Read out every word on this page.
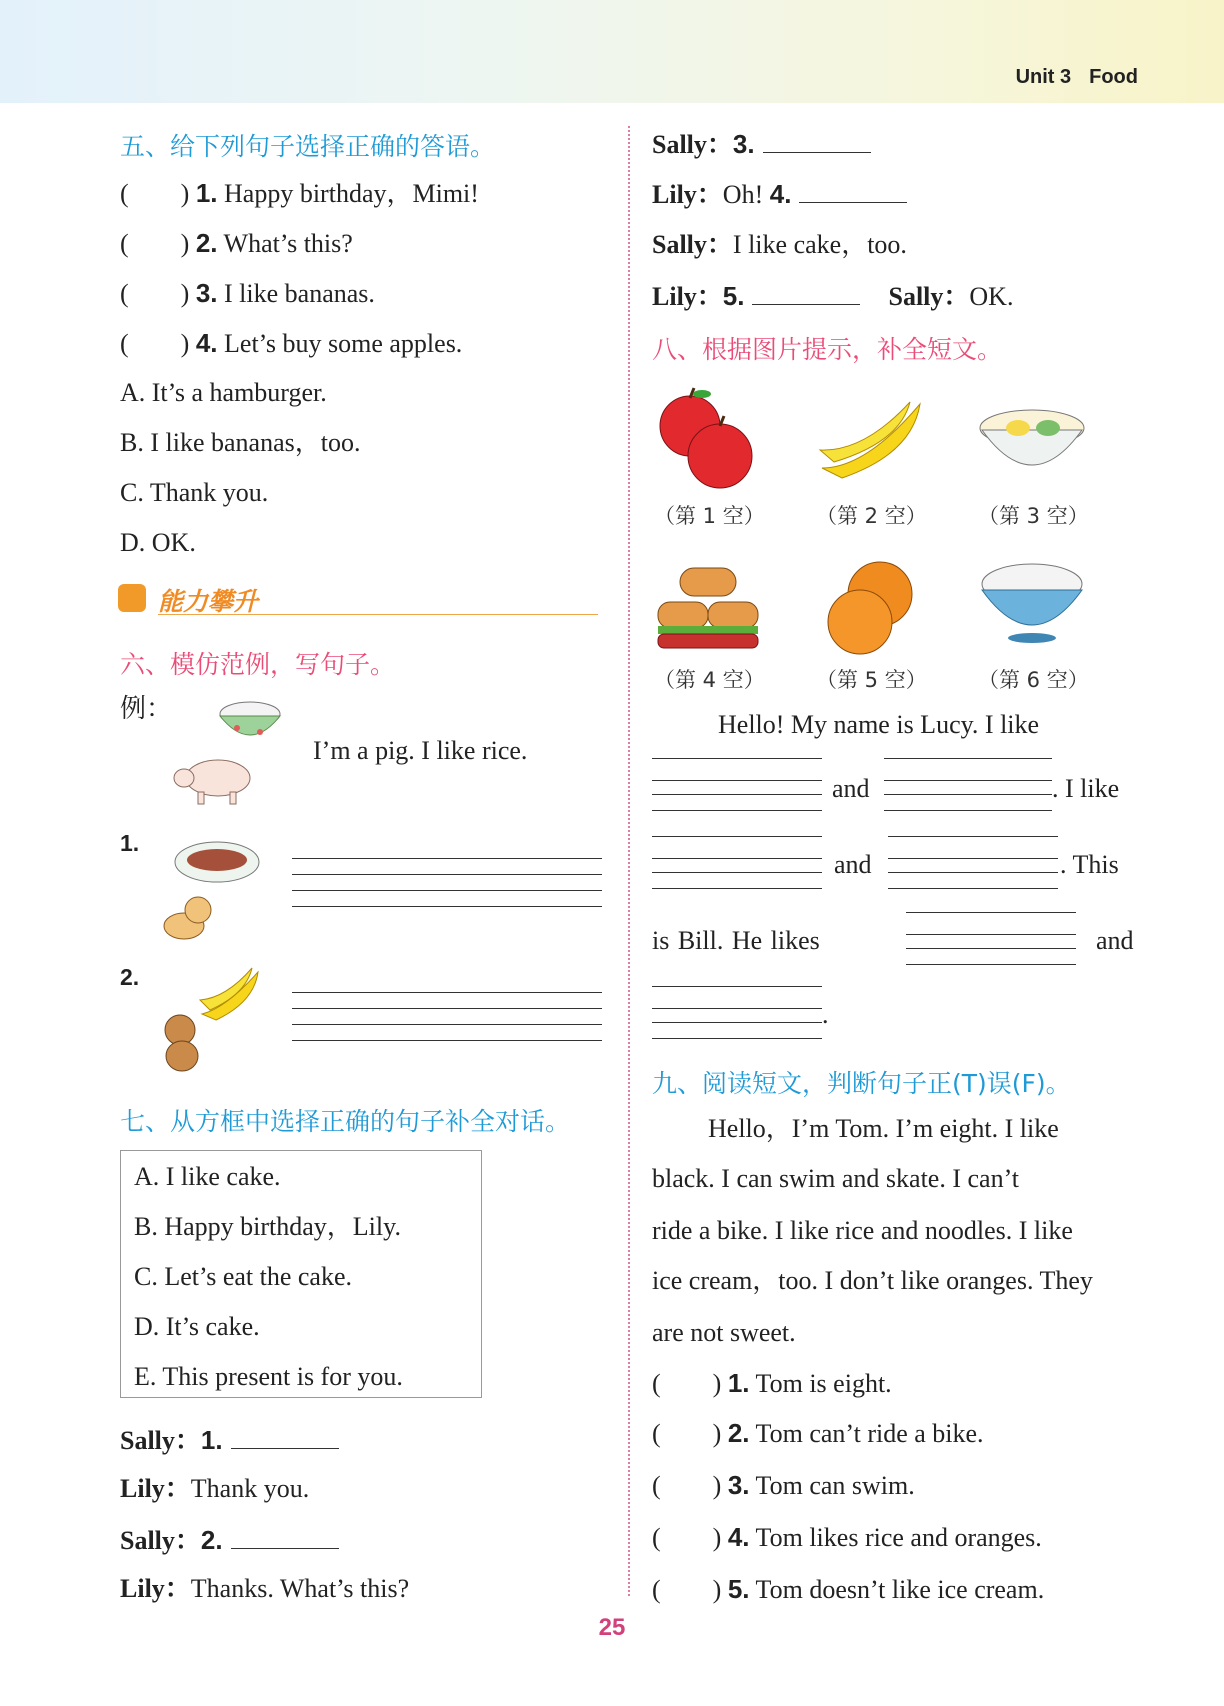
Unit 3 Food
五、给下列句子选择正确的答语。
(　　) 1. Happy birthday，Mimi!
(　　) 2. What’s this?
(　　) 3. I like bananas.
(　　) 4. Let’s buy some apples.
A. It’s a hamburger.
B. I like bananas，too.
C. Thank you.
D. OK.
能力攀升
六、模仿范例，写句子。
例：
I’m a pig. I like rice.
1.
2.
七、从方框中选择正确的句子补全对话。
A. I like cake.
B. Happy birthday，Lily.
C. Let’s eat the cake.
D. It’s cake.
E. This present is for you.
Sally：1.
Lily：Thank you.
Sally：2.
Lily：Thanks. What’s this?
Sally：3.
Lily：Oh! 4.
Sally：I like cake，too.
Lily：5.	Sally：OK.
八、根据图片提示，补全短文。
（第 1 空） （第 2 空） （第 3 空）
（第 4 空） （第 5 空） （第 6 空）
Hello! My name is Lucy. I like
and	. I like
and	. This
is Bill. He likes	and
.
九、阅读短文，判断句子正(T)误(F)。
Hello，I’m Tom. I’m eight. I like
black. I can swim and skate. I can’t
ride a bike. I like rice and noodles. I like
ice cream，too. I don’t like oranges. They
are not sweet.
(　　) 1. Tom is eight.
(　　) 2. Tom can’t ride a bike.
(　　) 3. Tom can swim.
(　　) 4. Tom likes rice and oranges.
(　　) 5. Tom doesn’t like ice cream.
25
